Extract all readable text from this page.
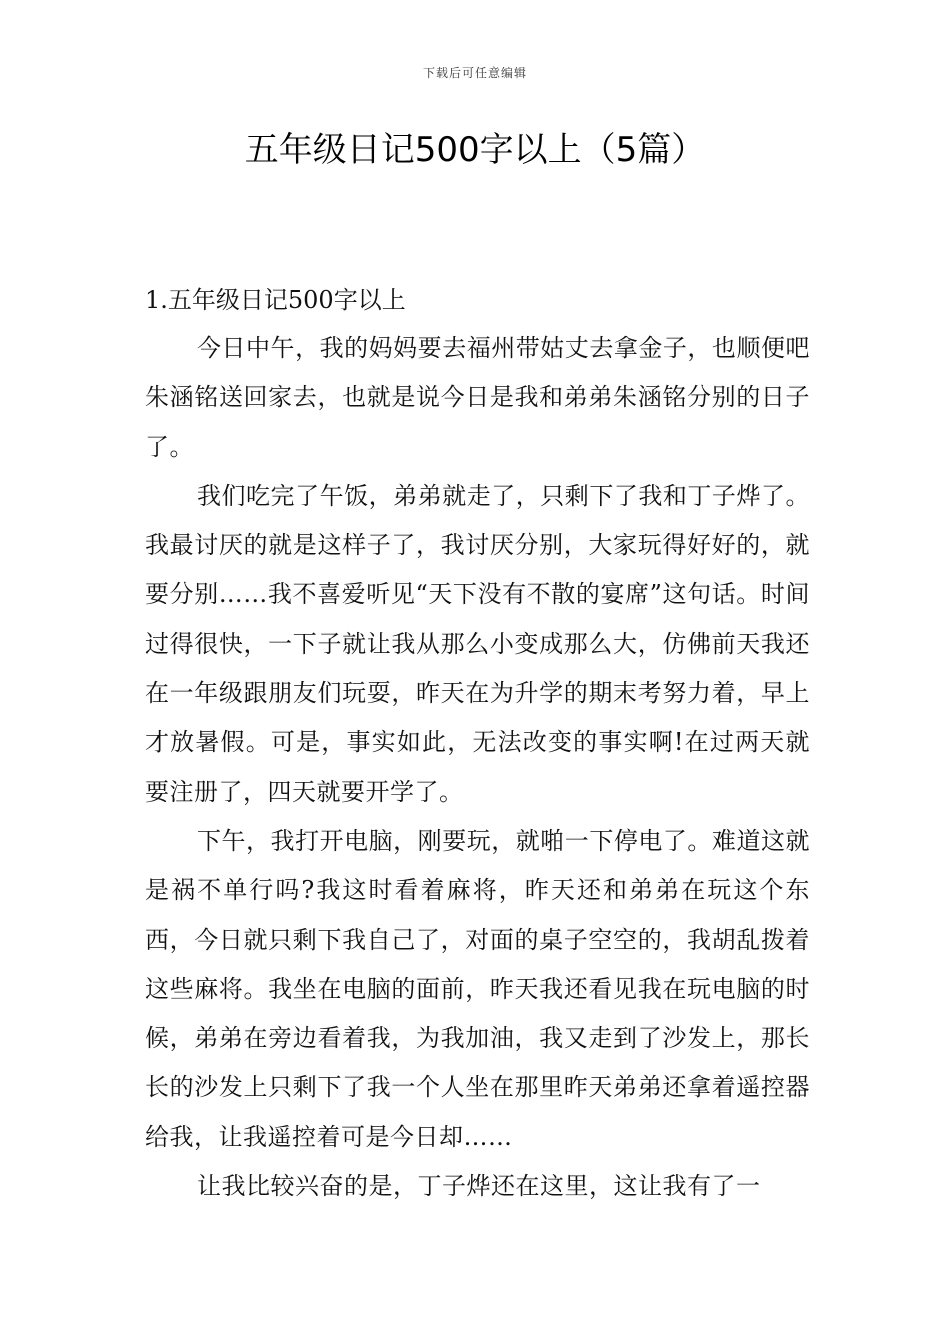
下载后可任意编辑
五年级日记500字以上（5篇）

1.五年级日记500字以上

今日中午，我的妈妈要去福州带姑丈去拿金子，也顺便吧朱涵铭送回家去，也就是说今日是我和弟弟朱涵铭分别的日子了。

我们吃完了午饭，弟弟就走了，只剩下了我和丁子烨了。我最讨厌的就是这样子了，我讨厌分别，大家玩得好好的，就要分别……我不喜爱听见“天下没有不散的宴席”这句话。时间过得很快，一下子就让我从那么小变成那么大，仿佛前天我还在一年级跟朋友们玩耍，昨天在为升学的期末考努力着，早上才放暑假。可是，事实如此，无法改变的事实啊!在过两天就要注册了，四天就要开学了。

下午，我打开电脑，刚要玩，就啪一下停电了。难道这就是祸不单行吗?我这时看着麻将，昨天还和弟弟在玩这个东西，今日就只剩下我自己了，对面的桌子空空的，我胡乱拨着这些麻将。我坐在电脑的面前，昨天我还看见我在玩电脑的时候，弟弟在旁边看着我，为我加油，我又走到了沙发上，那长长的沙发上只剩下了我一个人坐在那里昨天弟弟还拿着遥控器给我，让我遥控着可是今日却……

让我比较兴奋的是，丁子烨还在这里，这让我有了一
